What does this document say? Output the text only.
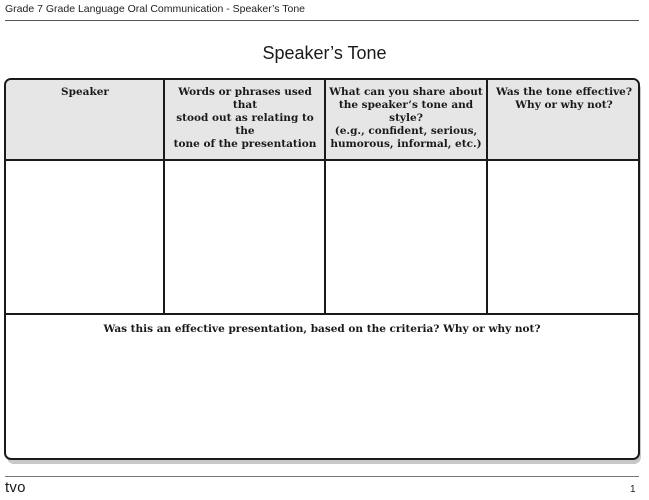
Grade 7 Grade Language Oral Communication - Speaker’s Tone
Speaker’s Tone
Speaker	Words or phrases used that
stood out as relating to the
tone of the presentation
What can you share about
the speaker’s tone and
style?
(e.g., confident, serious,
humorous, informal, etc.)
Was the tone effective?
Why or why not?
Was this an effective presentation, based on the criteria? Why or why not?
tvo	1
